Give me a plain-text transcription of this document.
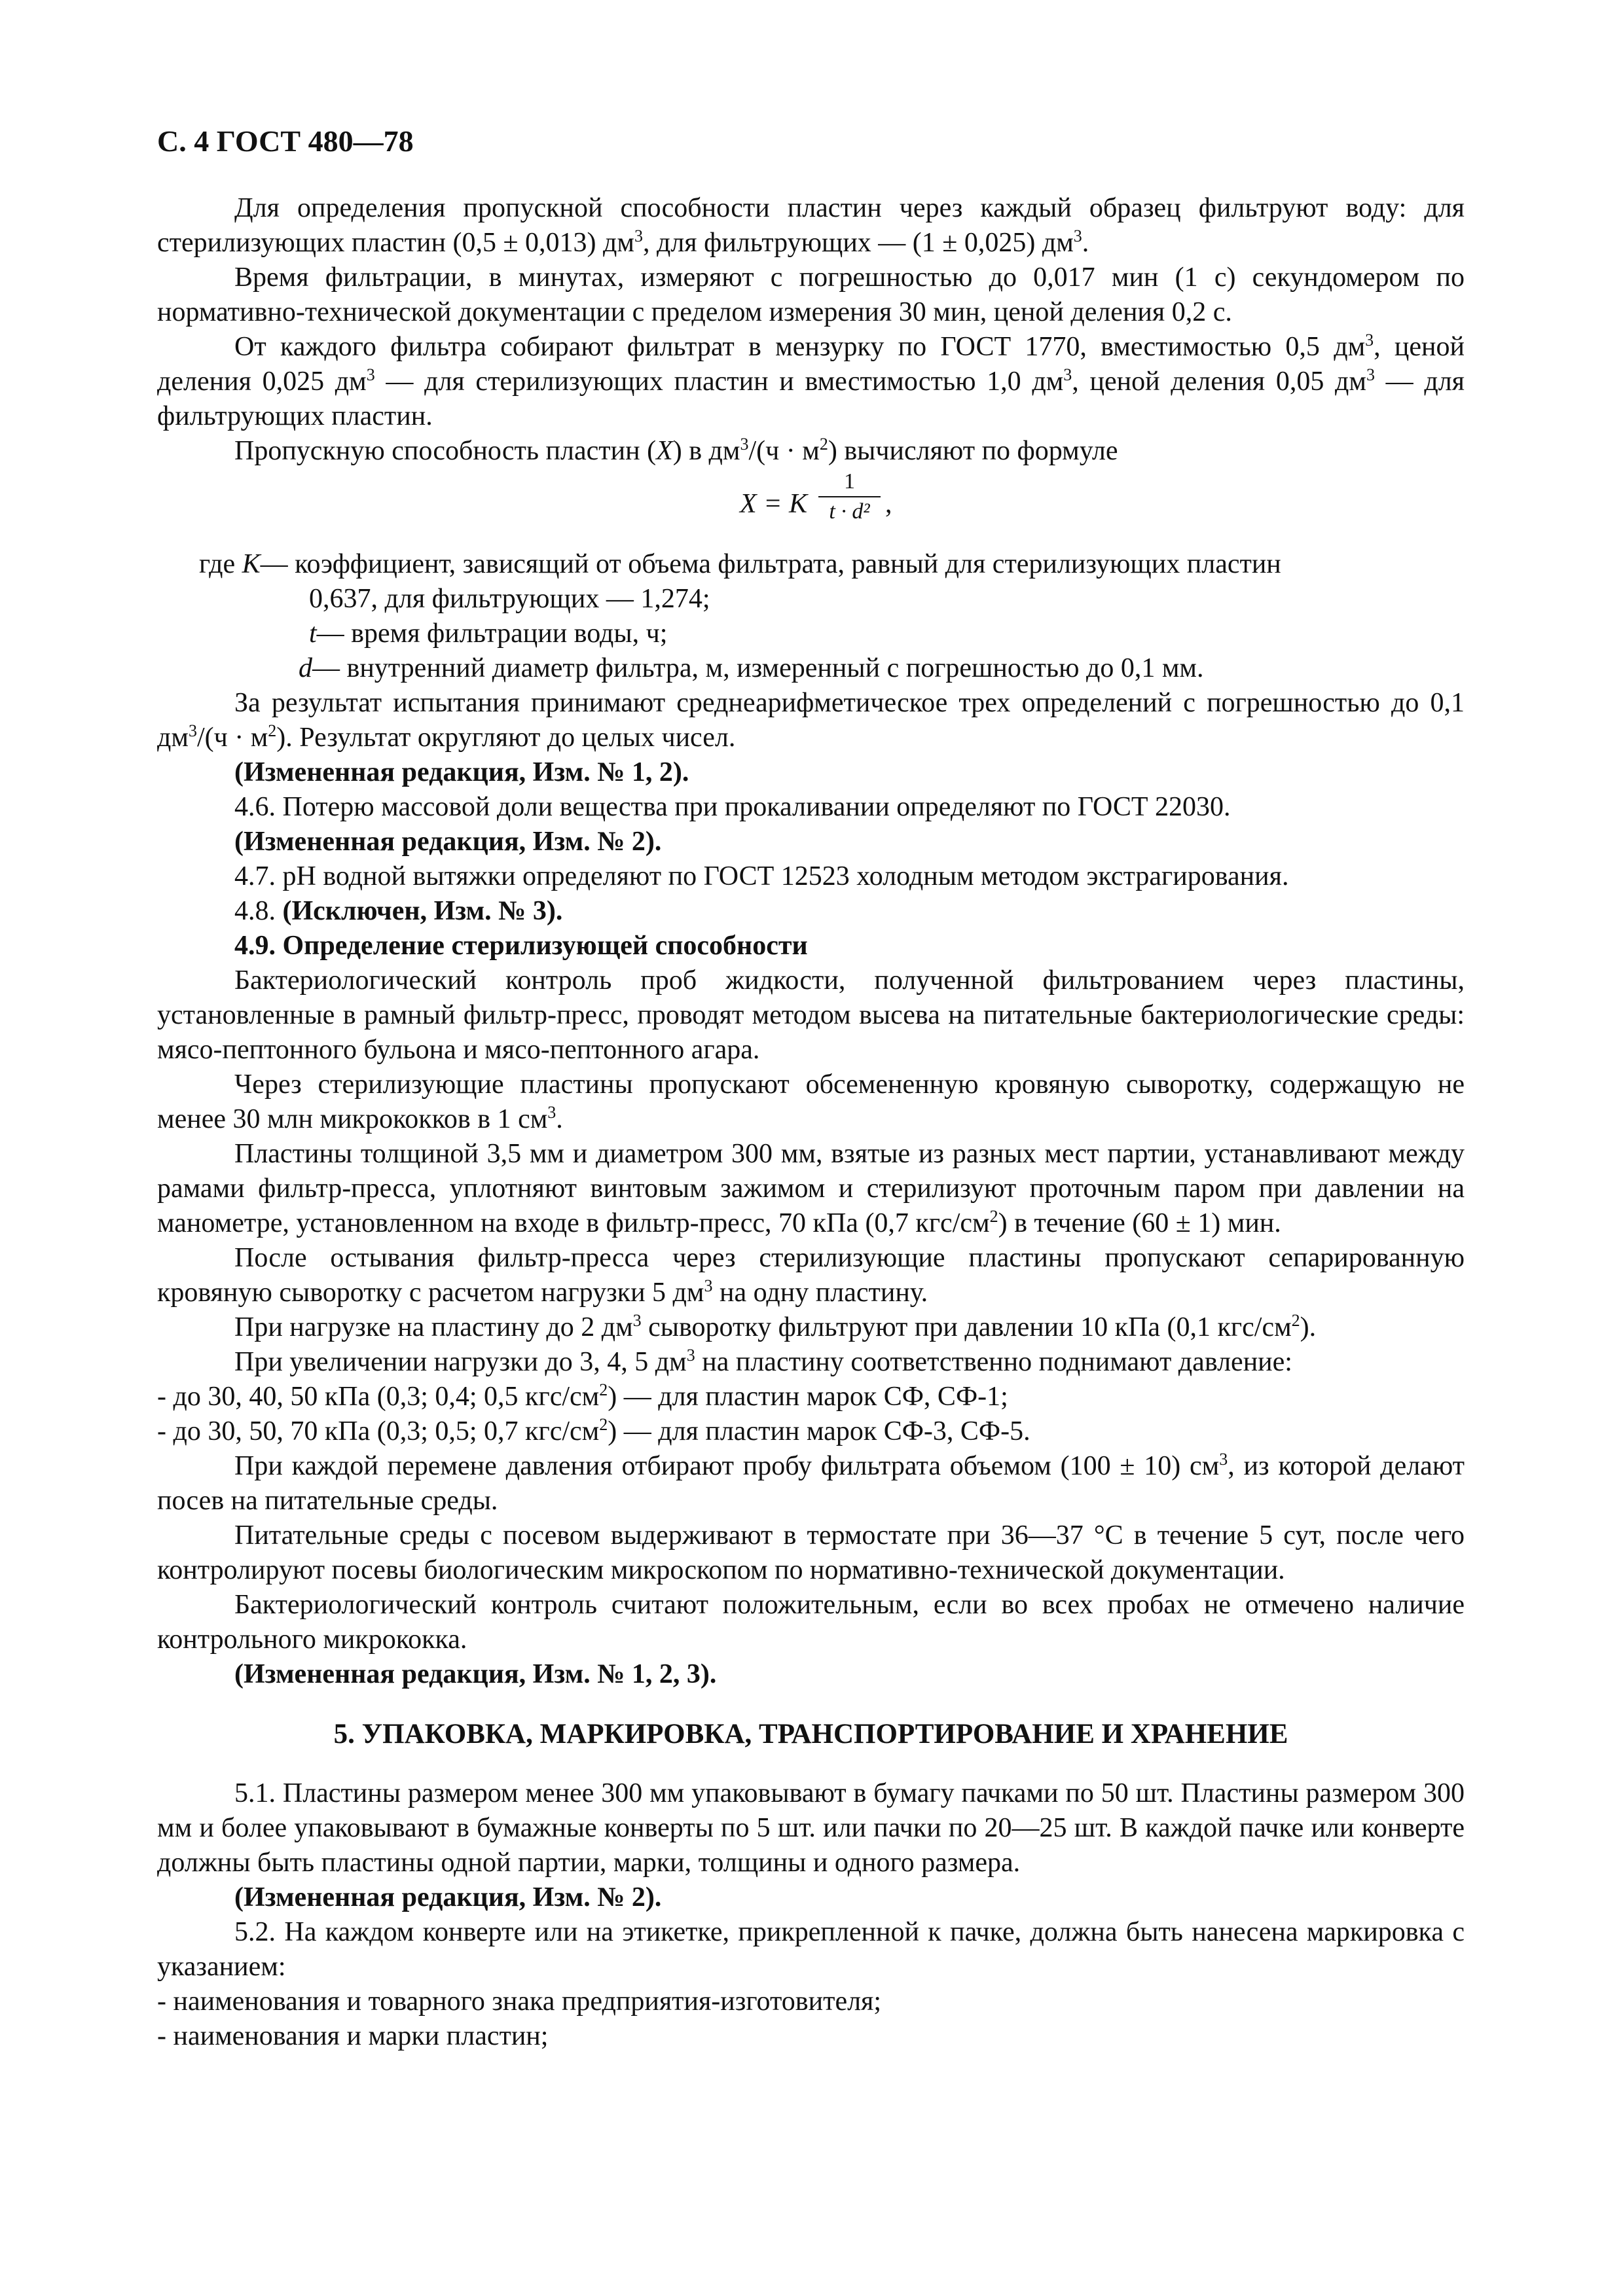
С. 4 ГОСТ 480—78

Для определения пропускной способности пластин через каждый образец фильтруют воду: для стерилизующих пластин (0,5 ± 0,013) $дм^3$, для фильтрующих — (1 ± 0,025) $дм^3$.

Время фильтрации, в минутах, измеряют с погрешностью до 0,017 мин (1 с) секундомером по нормативно-технической документации с пределом измерения 30 мин, ценой деления 0,2 с.

От каждого фильтра собирают фильтрат в мензурку по ГОСТ 1770, вместимостью 0,5 $дм^3$, ценой деления 0,025 $дм^3$ — для стерилизующих пластин и вместимостью 1,0 $дм^3$, ценой деления 0,05 $дм^3$ — для фильтрующих пластин.

Пропускную способность пластин (X) в $дм^3/(ч \cdot м^2)$ вычисляют по формуле

X = K
1
t · d² ,
где K— коэффициент, зависящий от объема фильтрата, равный для стерилизующих пластин
0,637, для фильтрующих — 1,274;
t— время фильтрации воды, ч;
d— внутренний диаметр фильтра, м, измеренный с погрешностью до 0,1 мм.

За результат испытания принимают среднеарифметическое трех определений с погрешностью до 0,1 $дм^3/(ч \cdot м^2)$. Результат округляют до целых чисел.

(Измененная редакция, Изм. № 1, 2).

4.6. Потерю массовой доли вещества при прокаливании определяют по ГОСТ 22030.

(Измененная редакция, Изм. № 2).

4.7. рН водной вытяжки определяют по ГОСТ 12523 холодным методом экстрагирования.

4.8. (Исключен, Изм. № 3).

4.9. Определение стерилизующей способности

Бактериологический контроль проб жидкости, полученной фильтрованием через пластины, установленные в рамный фильтр-пресс, проводят методом высева на питательные бактериологические среды: мясо-пептонного бульона и мясо-пептонного агара.

Через стерилизующие пластины пропускают обсемененную кровяную сыворотку, содержащую не менее 30 млн микрококков в 1 $см^3$.

Пластины толщиной 3,5 мм и диаметром 300 мм, взятые из разных мест партии, устанавливают между рамами фильтр-пресса, уплотняют винтовым зажимом и стерилизуют проточным паром при давлении на манометре, установленном на входе в фильтр-пресс, 70 кПа (0,7 кгс/$см^2$) в течение (60 ± 1) мин.

После остывания фильтр-пресса через стерилизующие пластины пропускают сепарированную кровяную сыворотку с расчетом нагрузки 5 $дм^3$ на одну пластину.

При нагрузке на пластину до 2 $дм^3$ сыворотку фильтруют при давлении 10 кПа (0,1 кгс/$см^2$).

При увеличении нагрузки до 3, 4, 5 $дм^3$ на пластину соответственно поднимают давление:

- до 30, 40, 50 кПа (0,3; 0,4; 0,5 кгс/$см^2$) — для пластин марок СФ, СФ-1;

- до 30, 50, 70 кПа (0,3; 0,5; 0,7 кгс/$см^2$) — для пластин марок СФ-3, СФ-5.

При каждой перемене давления отбирают пробу фильтрата объемом (100 ± 10) $см^3$, из которой делают посев на питательные среды.

Питательные среды с посевом выдерживают в термостате при 36—37 °С в течение 5 сут, после чего контролируют посевы биологическим микроскопом по нормативно-технической документации.

Бактериологический контроль считают положительным, если во всех пробах не отмечено наличие контрольного микрококка.

(Измененная редакция, Изм. № 1, 2, 3).

5. УПАКОВКА, МАРКИРОВКА, ТРАНСПОРТИРОВАНИЕ И ХРАНЕНИЕ

5.1. Пластины размером менее 300 мм упаковывают в бумагу пачками по 50 шт. Пластины размером 300 мм и более упаковывают в бумажные конверты по 5 шт. или пачки по 20—25 шт. В каждой пачке или конверте должны быть пластины одной партии, марки, толщины и одного размера.

(Измененная редакция, Изм. № 2).

5.2. На каждом конверте или на этикетке, прикрепленной к пачке, должна быть нанесена маркировка с указанием:

- наименования и товарного знака предприятия-изготовителя;

- наименования и марки пластин;
